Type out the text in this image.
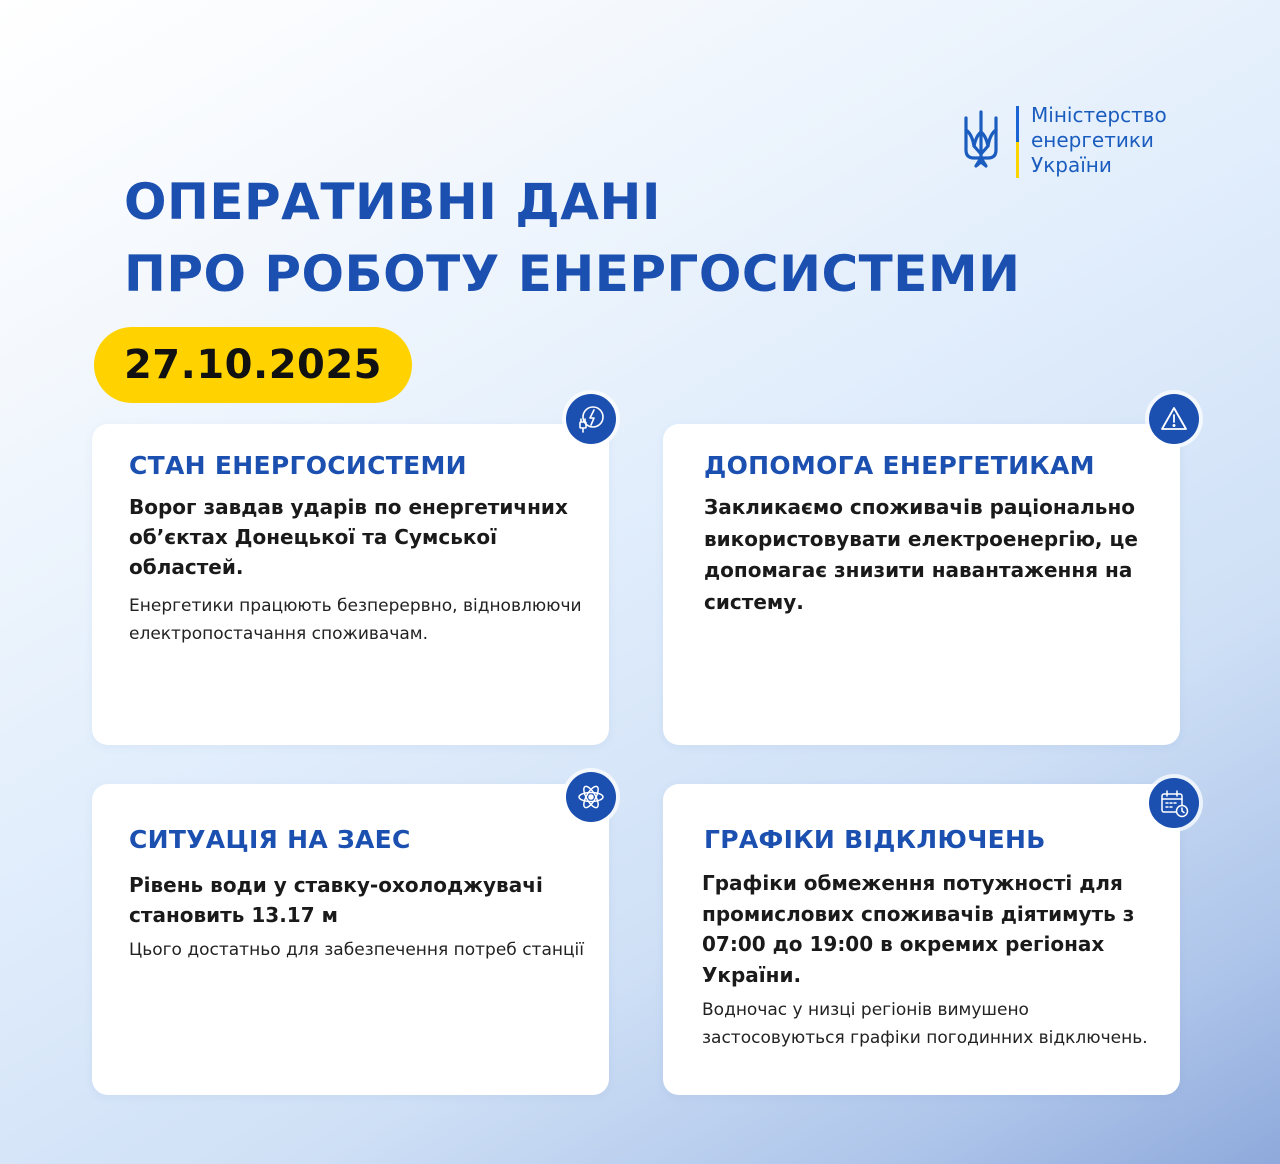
Міністерство
енергетики
України
ОПЕРАТИВНІ ДАНІ
ПРО РОБОТУ ЕНЕРГОСИСТЕМИ
27.10.2025
СТАН ЕНЕРГОСИСТЕМИ

Ворог завдав ударів по енергетичних об’єктах Донецької та Сумської областей.

Енергетики працюють безперервно, відновлюючи електропостачання споживачам.

ДОПОМОГА ЕНЕРГЕТИКАМ

Закликаємо споживачів раціонально використовувати електроенергію, це допомагає знизити навантаження на систему.

СИТУАЦІЯ НА ЗАЕС

Рівень води у ставку-охолоджувачі становить 13.17 м

Цього достатньо для забезпечення потреб станції

ГРАФІКИ ВІДКЛЮЧЕНЬ

Графіки обмеження потужності для промислових споживачів діятимуть з 07:00 до 19:00 в окремих регіонах України.

Водночас у низці регіонів вимушено застосовуються графіки погодинних відключень.
